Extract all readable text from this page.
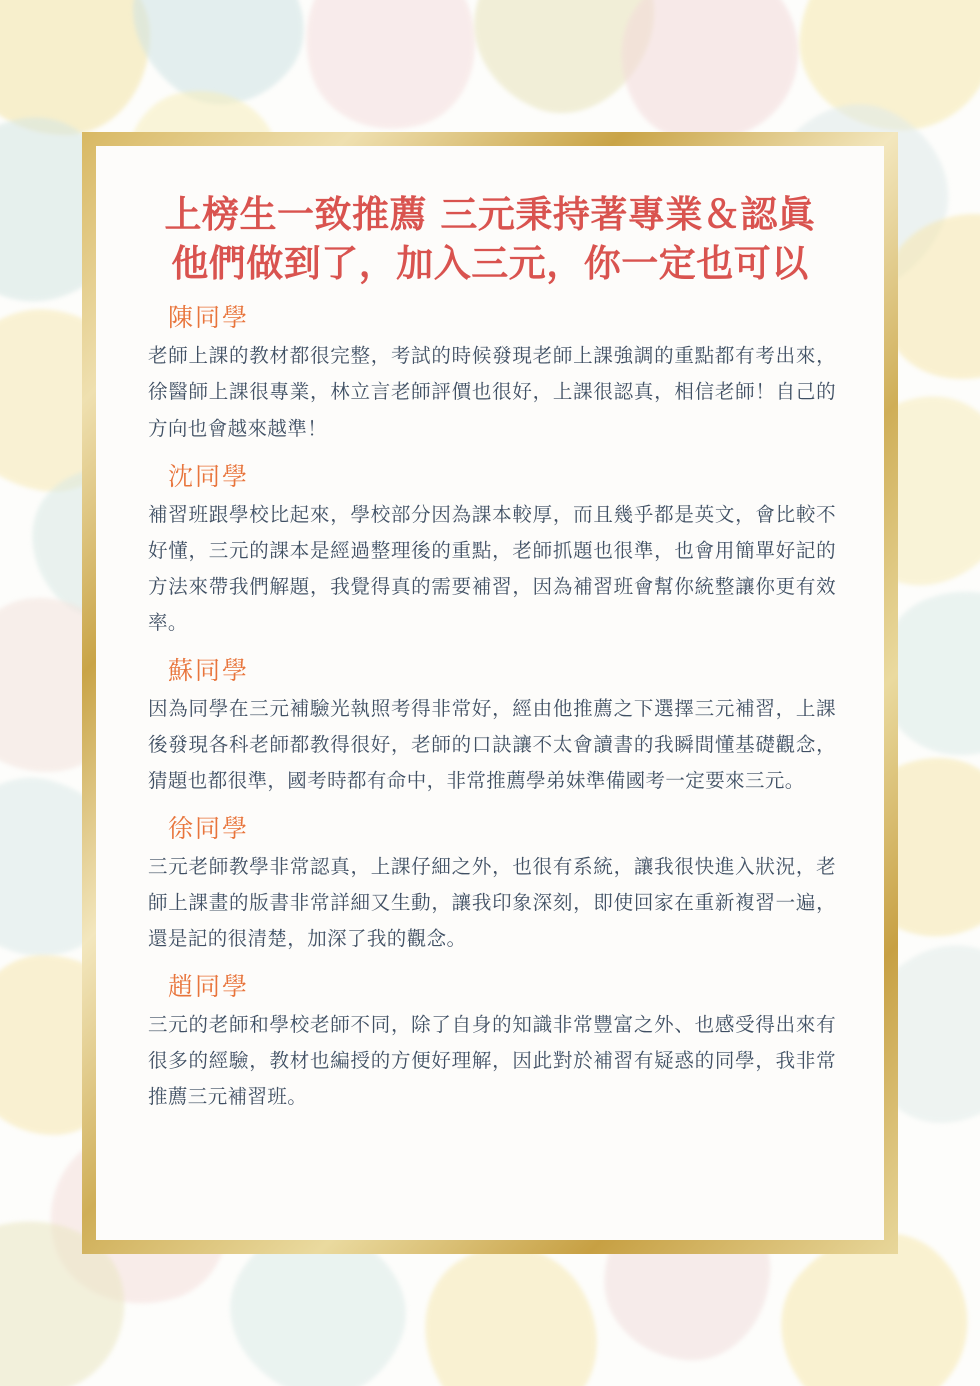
上榜生一致推薦 三元秉持著專業＆認眞
他們做到了，加入三元，你一定也可以
陳同學
老師上課的教材都很完整，考試的時候發現老師上課強調的重點都有考出來，徐醫師上課很專業，林立言老師評價也很好，上課很認真，相信老師！自己的方向也會越來越準！
沈同學
補習班跟學校比起來，學校部分因為課本較厚，而且幾乎都是英文，會比較不好懂，三元的課本是經過整理後的重點，老師抓題也很準，也會用簡單好記的方法來帶我們解題，我覺得真的需要補習，因為補習班會幫你統整讓你更有效率。
蘇同學
因為同學在三元補驗光執照考得非常好，經由他推薦之下選擇三元補習，上課後發現各科老師都教得很好，老師的口訣讓不太會讀書的我瞬間懂基礎觀念，猜題也都很準，國考時都有命中，非常推薦學弟妹準備國考一定要來三元。
徐同學
三元老師教學非常認真，上課仔細之外，也很有系統，讓我很快進入狀況，老師上課畫的版書非常詳細又生動，讓我印象深刻，即使回家在重新複習一遍，還是記的很清楚，加深了我的觀念。
趙同學
三元的老師和學校老師不同，除了自身的知識非常豐富之外、也感受得出來有很多的經驗，教材也編授的方便好理解，因此對於補習有疑惑的同學，我非常推薦三元補習班。
